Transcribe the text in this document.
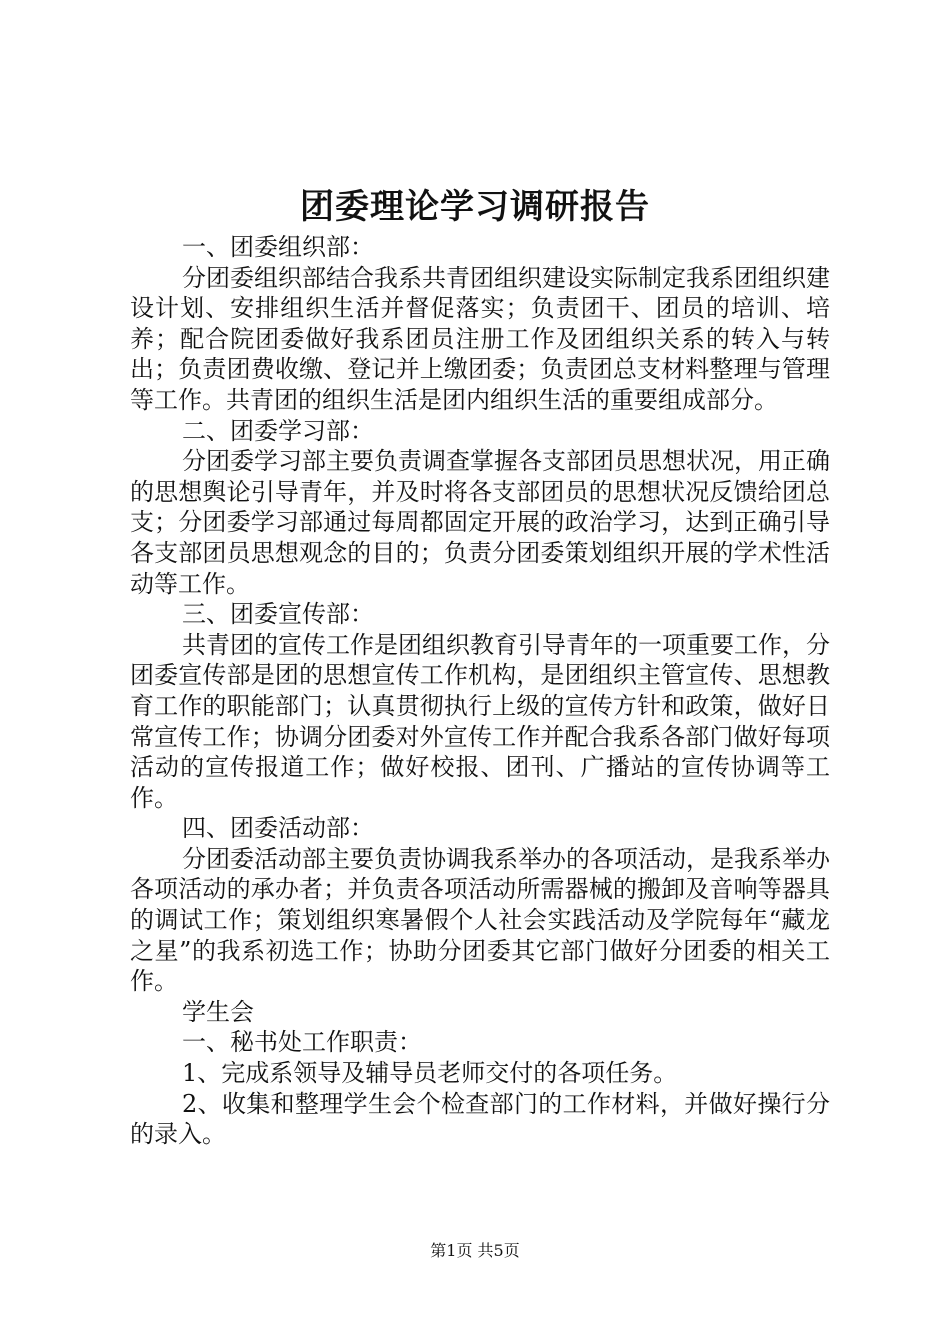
团委理论学习调研报告

一、团委组织部：

分团委组织部结合我系共青团组织建设实际制定我系团组织建设计划、安排组织生活并督促落实；负责团干、团员的培训、培养；配合院团委做好我系团员注册工作及团组织关系的转入与转出；负责团费收缴、登记并上缴团委；负责团总支材料整理与管理等工作。共青团的组织生活是团内组织生活的重要组成部分。

二、团委学习部：

分团委学习部主要负责调查掌握各支部团员思想状况，用正确的思想舆论引导青年，并及时将各支部团员的思想状况反馈给团总支；分团委学习部通过每周都固定开展的政治学习，达到正确引导各支部团员思想观念的目的；负责分团委策划组织开展的学术性活动等工作。

三、团委宣传部：

共青团的宣传工作是团组织教育引导青年的一项重要工作，分团委宣传部是团的思想宣传工作机构，是团组织主管宣传、思想教育工作的职能部门；认真贯彻执行上级的宣传方针和政策，做好日常宣传工作；协调分团委对外宣传工作并配合我系各部门做好每项活动的宣传报道工作；做好校报、团刊、广播站的宣传协调等工作。

四、团委活动部：

分团委活动部主要负责协调我系举办的各项活动，是我系举办各项活动的承办者；并负责各项活动所需器械的搬卸及音响等器具的调试工作；策划组织寒暑假个人社会实践活动及学院每年“藏龙之星”的我系初选工作；协助分团委其它部门做好分团委的相关工作。

学生会

一、秘书处工作职责：

1、完成系领导及辅导员老师交付的各项任务。

2、收集和整理学生会个检查部门的工作材料，并做好操行分的录入。

第1页 共5页
